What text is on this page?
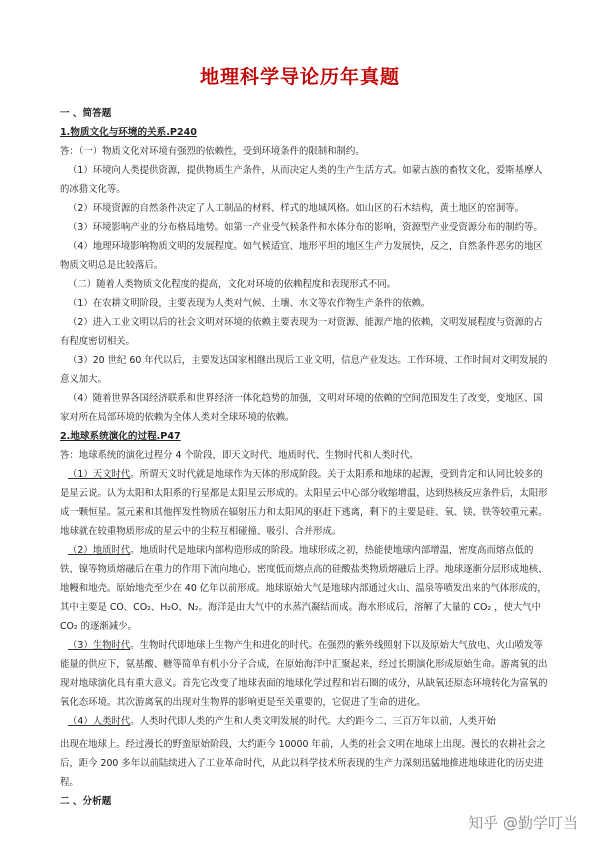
地理科学导论历年真题

一 、简答题

1.物质文化与环境的关系.P240

答：（一）物质文化对环境有强烈的依赖性，受到环境条件的限制和制约。

（1）环境向人类提供资源，提供物质生产条件，从而决定人类的生产生活方式。如蒙古族的畜牧文化，爱斯基摩人的冰猎文化等。

（2）环境资源的自然条件决定了人工制品的材料、样式的地域风格。如山区的石木结构，黄土地区的窑洞等。

（3）环境影响产业的分布格局地势。如第一产业受气候条件和水体分布的影响，资源型产业受资源分布的制约等。

（4）地理环境影响物质文明的发展程度。如气候适宜、地形平坦的地区生产力发展快，反之，自然条件恶劣的地区物质文明总是比较落后。

（二）随着人类物质文化程度的提高，文化对环境的依赖程度和表现形式不同。

（1）在农耕文明阶段，主要表现为人类对气候、土壤、水文等农作物生产条件的依赖。

（2）进入工业文明以后的社会文明对环境的依赖主要表现为一对资源、能源产地的依赖，文明发展程度与资源的占有程度密切相关。

（3）20 世纪 60 年代以后，主要发达国家相继出现后工业文明，信息产业发达。工作环境、工作时间对文明发展的意义加大。

（4）随着世界各国经济联系和世界经济一体化趋势的加强，文明对环境的依赖的空间范围发生了改变，变地区、国家对所在局部环境的依赖为全体人类对全球环境的依赖。

2.地球系统演化的过程.P47

答：地球系统的演化过程分 4 个阶段，即天文时代、地质时代、生物时代和人类时代。

（1）天文时代。所谓天文时代就是地球作为天体的形成阶段。关于太阳系和地球的起源，受到肯定和认同比较多的是星云说。认为太阳和太阳系的行星都是太阳星云形成的。太阳星云中心部分收缩增温，达到热核反应条件后，太阳形成一颗恒星。氢元素和其他挥发性物质在辐射压力和太阳风的驱赶下逃离，剩下的主要是硅、氧、镁、铁等较重元素。地球就在较重物质形成的星云中的尘粒互相碰撞、吸引、合并形成。

（2）地质时代。地质时代是地球内部构造形成的阶段。地球形成之初，热能使地球内部增温，密度高而熔点低的铁、镍等物质熔融后在重力的作用下流向地心，密度低而熔点高的硅酸盐类物质熔融后上浮。地球逐渐分层形成地核、地幔和地壳。原始地壳至少在 40 亿年以前形成。地球原始大气是地球内部通过火山、温泉等喷发出来的气体形成的，其中主要是 CO、CO₂、H₂O、N₂。海洋是由大气中的水蒸汽凝结而成。海水形成后，溶解了大量的 CO₂ ，使大气中 CO₂ 的逐渐减少。

（3）生物时代。生物时代即地球上生物产生和进化的时代。在强烈的紫外线照射下以及原始大气放电、火山喷发等能量的供应下，氨基酸、糖等简单有机小分子合成，在原始海洋中汇聚起来，经过长期演化形成原始生命。游离氧的出现对地球演化具有重大意义。首先它改变了地球表面的地球化学过程和岩石圈的成分，从缺氧还原态环境转化为富氧的氧化态环境。其次游离氧的出现对生物界的影响更是至关重要的，它促进了生命的进化。

（4）人类时代。人类时代即人类的产生和人类文明发展的时代。大约距今二、三百万年以前，人类开始

出现在地球上。经过漫长的野蛮原始阶段，大约距今 10000 年前，人类的社会文明在地球上出现。漫长的农耕社会之后，距今 200 多年以前陆续进入了工业革命时代，从此以科学技术所表现的生产力深刻迅猛地推进地球进化的历史进程。

二 、分析题

知乎 @勤学叮当
